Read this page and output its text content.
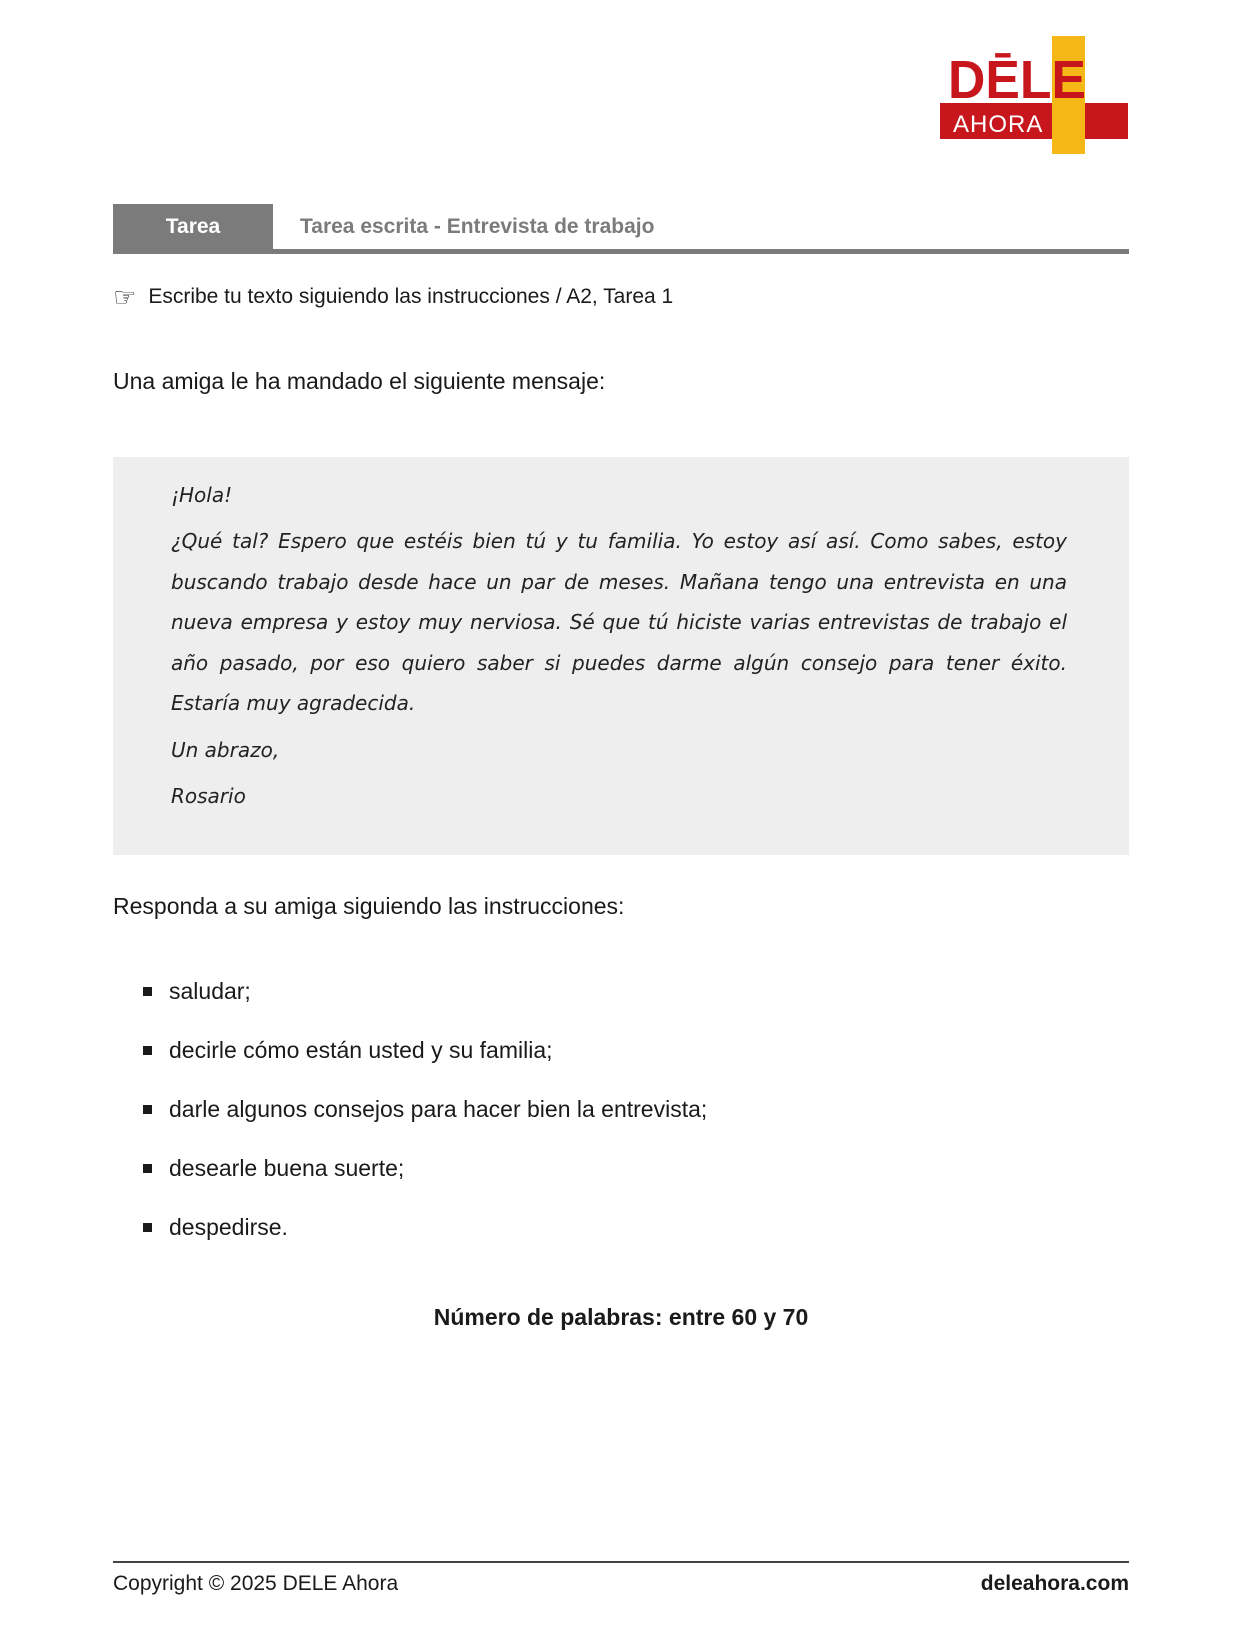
DĒLE
AHORA
Tarea	Tarea escrita - Entrevista de trabajo
☞ Escribe tu texto siguiendo las instrucciones / A2, Tarea 1
Una amiga le ha mandado el siguiente mensaje:

¡Hola!

¿Qué tal? Espero que estéis bien tú y tu familia. Yo estoy así así. Como sabes, estoy buscando trabajo desde hace un par de meses. Mañana tengo una entrevista en una nueva empresa y estoy muy nerviosa. Sé que tú hiciste varias entrevistas de trabajo el año pasado, por eso quiero saber si puedes darme algún consejo para tener éxito. Estaría muy agradecida.

Un abrazo,

Rosario

Responda a su amiga siguiendo las instrucciones:
saludar;
decirle cómo están usted y su familia;
darle algunos consejos para hacer bien la entrevista;
desearle buena suerte;
despedirse.
Número de palabras: entre 60 y 70
Copyright © 2025 DELE Ahora	deleahora.com
